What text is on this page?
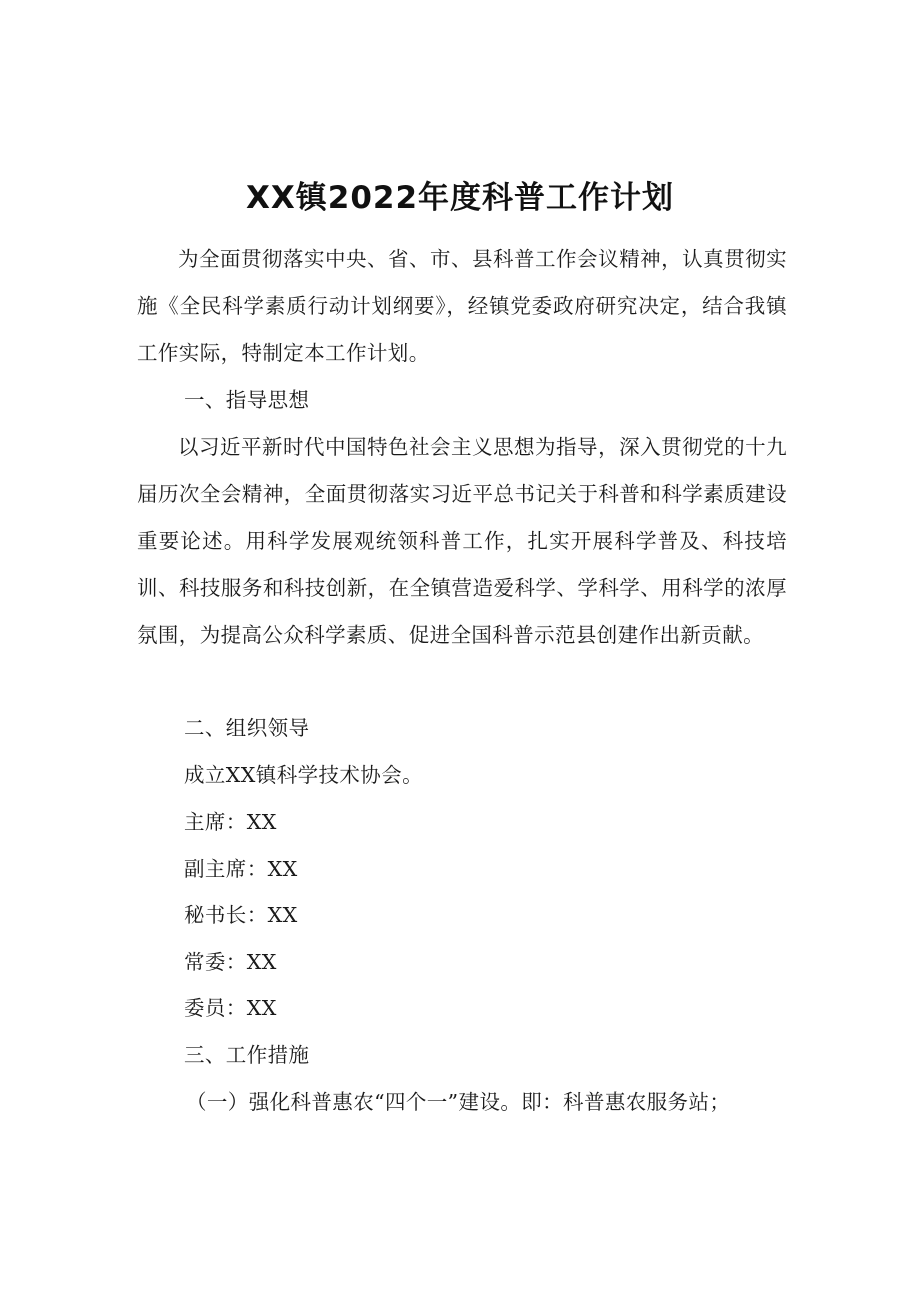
XX镇2022年度科普工作计划

为全面贯彻落实中央、省、市、县科普工作会议精神，认真贯彻实施《全民科学素质行动计划纲要》，经镇党委政府研究决定，结合我镇工作实际，特制定本工作计划。

一、指导思想

以习近平新时代中国特色社会主义思想为指导，深入贯彻党的十九届历次全会精神，全面贯彻落实习近平总书记关于科普和科学素质建设重要论述。用科学发展观统领科普工作，扎实开展科学普及、科技培训、科技服务和科技创新，在全镇营造爱科学、学科学、用科学的浓厚氛围，为提高公众科学素质、促进全国科普示范县创建作出新贡献。

二、组织领导
成立XX镇科学技术协会。
主席：XX
副主席：XX
秘书长：XX
常委：XX
委员：XX
三、工作措施
（一）强化科普惠农“四个一”建设。即：科普惠农服务站；
